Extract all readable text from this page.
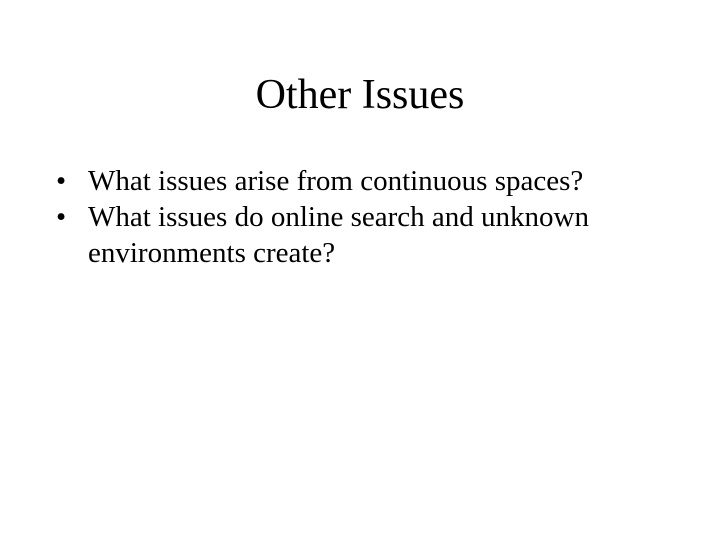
Other Issues
• What issues arise from continuous spaces?
• What issues do online search and unknown environments create?
